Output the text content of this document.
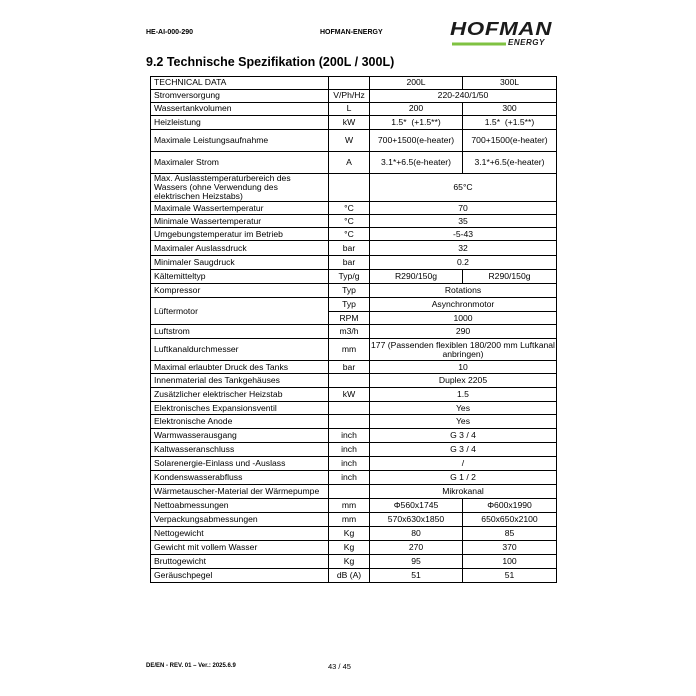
HE-AI-000-290	HOFMAN-ENERGY	HOFMAN
ENERGY
9.2 Technische Spezifikation (200L / 300L)
TECHNICAL DATA		200L	300L
Stromversorgung	V/Ph/Hz	220-240/1/50	
Wassertankvolumen	L	200	300
Heizleistung	kW	1.5*  (+1.5**)	1.5*  (+1.5**)
Maximale Leistungsaufnahme	W	700+1500(e-heater)	700+1500(e-heater)
Maximaler Strom	A	3.1*+6.5(e-heater)	3.1*+6.5(e-heater)
Max. Auslasstemperaturbereich des Wassers (ohne Verwendung des elektrischen Heizstabs)		65°C	
Maximale Wassertemperatur	°C	70	
Minimale Wassertemperatur	°C	35	
Umgebungstemperatur im Betrieb	°C	-5-43	
Maximaler Auslassdruck	bar	32	
Minimaler Saugdruck	bar	0.2	
Kältemitteltyp	Typ/g	R290/150g	R290/150g
Kompressor	Typ	Rotations	
Lüftermotor	Typ	Asynchronmotor	
	RPM	1000	
Luftstrom	m3/h	290	
Luftkanaldurchmesser	mm	177 (Passenden flexiblen 180/200 mm Luftkanal anbringen)	
Maximal erlaubter Druck des Tanks	bar	10	
Innenmaterial des Tankgehäuses		Duplex 2205	
Zusätzlicher elektrischer Heizstab	kW	1.5	
Elektronisches Expansionsventil		Yes	
Elektronische Anode		Yes	
Warmwasserausgang	inch	G 3 / 4	
Kaltwasseranschluss	inch	G 3 / 4	
Solarenergie-Einlass und -Auslass	inch	/	
Kondenswasserabfluss	inch	G 1 / 2	
Wärmetauscher-Material der Wärmepumpe		Mikrokanal	
Nettoabmessungen	mm	Φ560x1745	Φ600x1990
Verpackungsabmessungen	mm	570x630x1850	650x650x2100
Nettogewicht	Kg	80	85
Gewicht mit vollem Wasser	Kg	270	370
Bruttogewicht	Kg	95	100
Geräuschpegel	dB (A)	51	51
DE/EN - REV. 01 – Ver.: 2025.6.9	43 / 45
